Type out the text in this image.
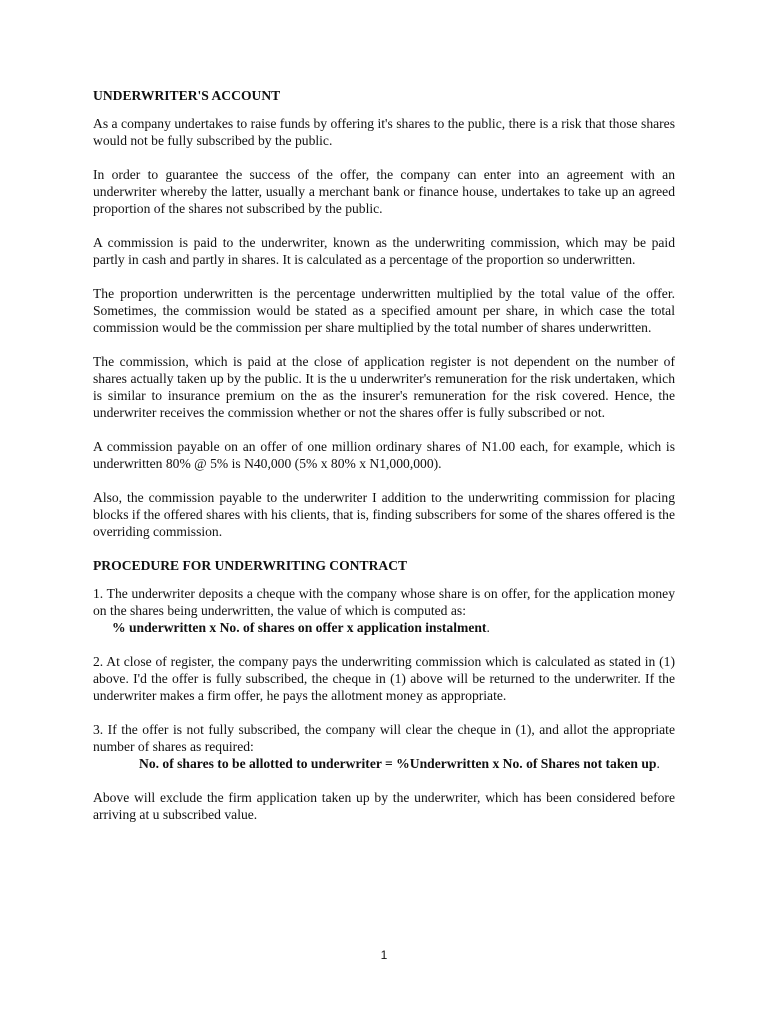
UNDERWRITER'S ACCOUNT

As a company undertakes to raise funds by offering it's shares to the public, there is a risk that those shares would not be fully subscribed by the public.

In order to guarantee the success of the offer, the company can enter into an agreement with an underwriter whereby the latter, usually a merchant bank or finance house, undertakes to take up an agreed proportion of the shares not subscribed by the public.

A commission is paid to the underwriter, known as the underwriting commission, which may be paid partly in cash and partly in shares. It is calculated as a percentage of the proportion so underwritten.

The proportion underwritten is the percentage underwritten multiplied by the total value of the offer. Sometimes, the commission would be stated as a specified amount per share, in which case the total commission would be the commission per share multiplied by the total number of shares underwritten.

The commission, which is paid at the close of application register is not dependent on the number of shares actually taken up by the public. It is the u underwriter's remuneration for the risk undertaken, which is similar to insurance premium on the as the insurer's remuneration for the risk covered. Hence, the underwriter receives the commission whether or not the shares offer is fully subscribed or not.

A commission payable on an offer of one million ordinary shares of N1.00 each, for example, which is underwritten 80% @ 5% is N40,000 (5% x 80% x N1,000,000).

Also, the commission payable to the underwriter I addition to the underwriting commission for placing blocks if the offered shares with his clients, that is, finding subscribers for some of the shares offered is the overriding commission.

PROCEDURE FOR UNDERWRITING CONTRACT

1. The underwriter deposits a cheque with the company whose share is on offer, for the application money on the shares being underwritten, the value of which is computed as:
% underwritten x No. of shares on offer x application instalment.

2. At close of register, the company pays the underwriting commission which is calculated as stated in (1) above. I'd the offer is fully subscribed, the cheque in (1) above will be returned to the underwriter. If the underwriter makes a firm offer, he pays the allotment money as appropriate.

3. If the offer is not fully subscribed, the company will clear the cheque in (1), and allot the appropriate number of shares as required:
No. of shares to be allotted to underwriter = %Underwritten x No. of Shares not taken up.

Above will exclude the firm application taken up by the underwriter, which has been considered before arriving at u subscribed value.

1
